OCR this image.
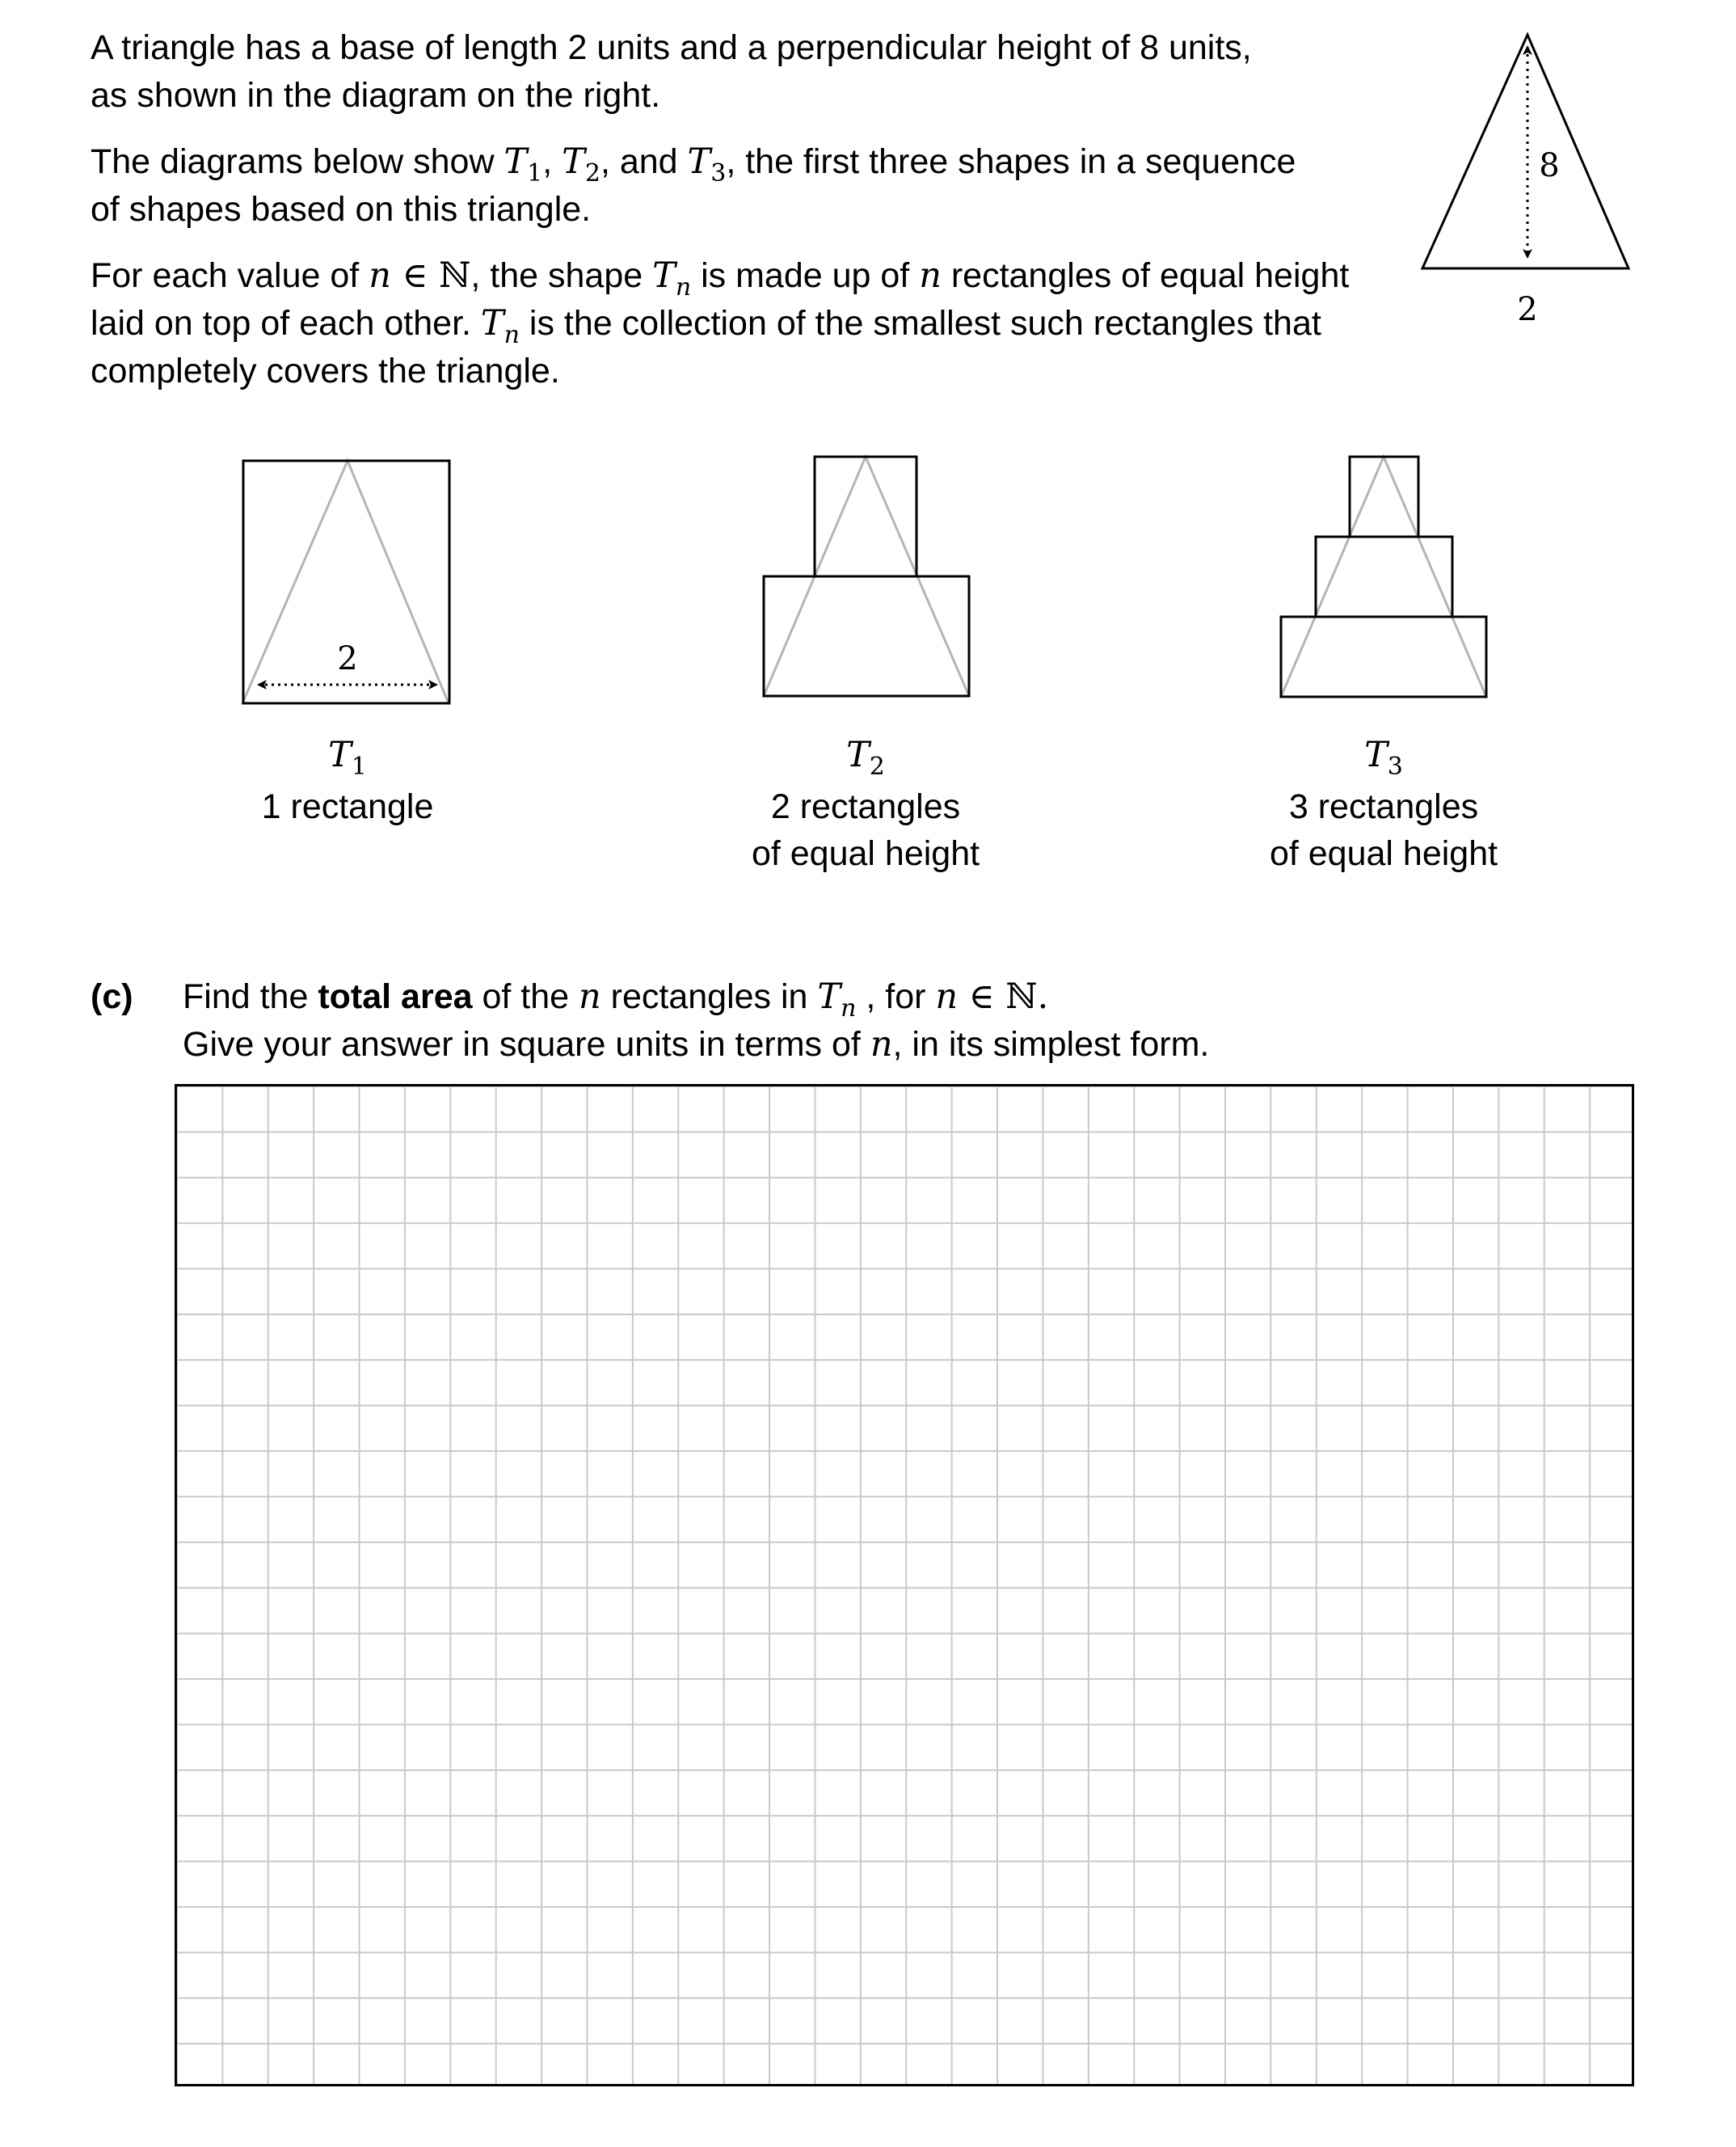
A triangle has a base of length 2 units and a perpendicular height of 8 units,
as shown in the diagram on the right.
The diagrams below show $T_1$, $T_2$, and $T_3$, the first three shapes in a sequence
of shapes based on this triangle.
For each value of n ∈ ℕ, the shape $T_n$ is made up of n rectangles of equal height
laid on top of each other. $T_n$ is the collection of the smallest such rectangles that
completely covers the triangle.
8
2
2
$T_1$
1 rectangle
$T_2$
2 rectangles
of equal height
$T_3$
3 rectangles
of equal height
(c) Find the total area of the n rectangles in $T_n$ , for n ∈ ℕ.
Give your answer in square units in terms of n, in its simplest form.
